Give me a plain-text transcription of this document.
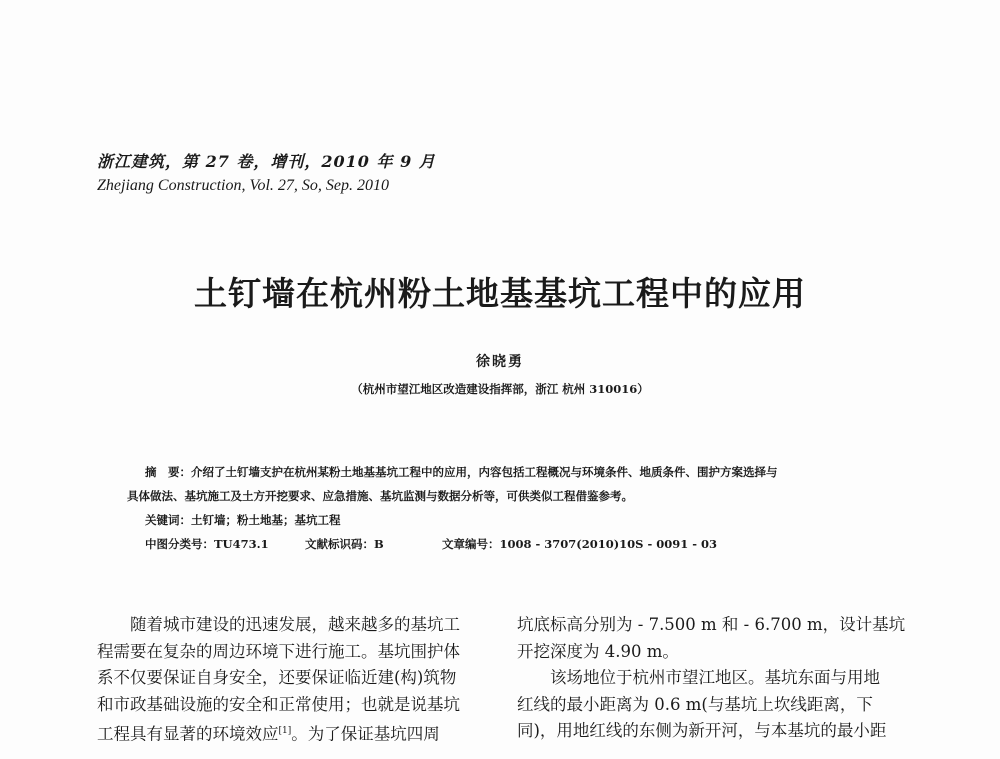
浙江建筑，第 27 卷，增刊，2010 年 9 月
Zhejiang Construction, Vol. 27, So, Sep. 2010
土钉墙在杭州粉土地基基坑工程中的应用
徐晓勇
（杭州市望江地区改造建设指挥部，浙江 杭州 310016）
摘　要：介绍了土钉墙支护在杭州某粉土地基基坑工程中的应用，内容包括工程概况与环境条件、地质条件、围护方案选择与
具体做法、基坑施工及土方开挖要求、应急措施、基坑监测与数据分析等，可供类似工程借鉴参考。
关键词：土钉墙；粉土地基；基坑工程
中图分类号：TU473.1	文献标识码：B	文章编号：1008 - 3707(2010)10S - 0091 - 03
随着城市建设的迅速发展，越来越多的基坑工
程需要在复杂的周边环境下进行施工。基坑围护体
系不仅要保证自身安全，还要保证临近建(构)筑物
和市政基础设施的安全和正常使用；也就是说基坑
工程具有显著的环境效应[1]。为了保证基坑四周
坑底标高分别为 - 7.500 m 和 - 6.700 m，设计基坑
开挖深度为 4.90 m。
该场地位于杭州市望江地区。基坑东面与用地
红线的最小距离为 0.6 m(与基坑上坎线距离，下
同)，用地红线的东侧为新开河，与本基坑的最小距
